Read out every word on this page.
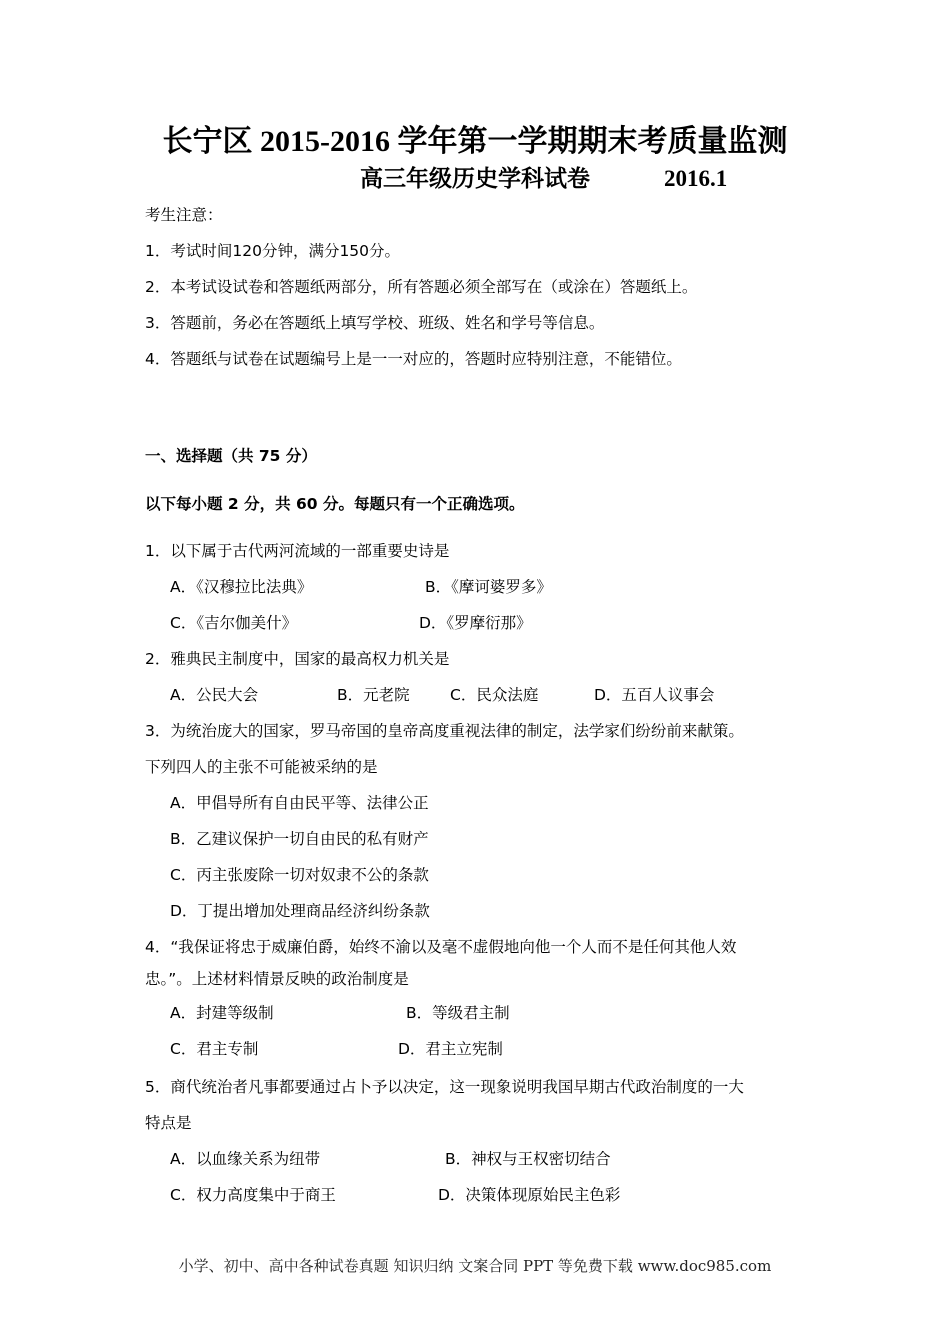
长宁区 2015-2016 学年第一学期期末考质量监测
高三年级历史学科试卷	2016.1
考生注意：
1．考试时间120分钟，满分150分。
2．本考试设试卷和答题纸两部分，所有答题必须全部写在（或涂在）答题纸上。
3．答题前，务必在答题纸上填写学校、班级、姓名和学号等信息。
4．答题纸与试卷在试题编号上是一一对应的，答题时应特别注意，不能错位。
一、选择题（共 75 分）
以下每小题 2 分，共 60 分。每题只有一个正确选项。
1．以下属于古代两河流域的一部重要史诗是
A．《汉穆拉比法典》	B．《摩诃婆罗多》
C．《吉尔伽美什》	D．《罗摩衍那》
2．雅典民主制度中，国家的最高权力机关是
A．公民大会	B．元老院	C．民众法庭	D．五百人议事会
3．为统治庞大的国家，罗马帝国的皇帝高度重视法律的制定，法学家们纷纷前来献策。
下列四人的主张不可能被采纳的是
A．甲倡导所有自由民平等、法律公正
B．乙建议保护一切自由民的私有财产
C．丙主张废除一切对奴隶不公的条款
D．丁提出增加处理商品经济纠纷条款
4．“我保证将忠于威廉伯爵，始终不渝以及毫不虚假地向他一个人而不是任何其他人效
忠。”。上述材料情景反映的政治制度是
A．封建等级制	B．等级君主制
C．君主专制	D．君主立宪制
5．商代统治者凡事都要通过占卜予以决定，这一现象说明我国早期古代政治制度的一大
特点是
A．以血缘关系为纽带	B．神权与王权密切结合
C．权力高度集中于商王	D．决策体现原始民主色彩
小学、初中、高中各种试卷真题 知识归纳 文案合同 PPT 等免费下载 www.doc985.com
